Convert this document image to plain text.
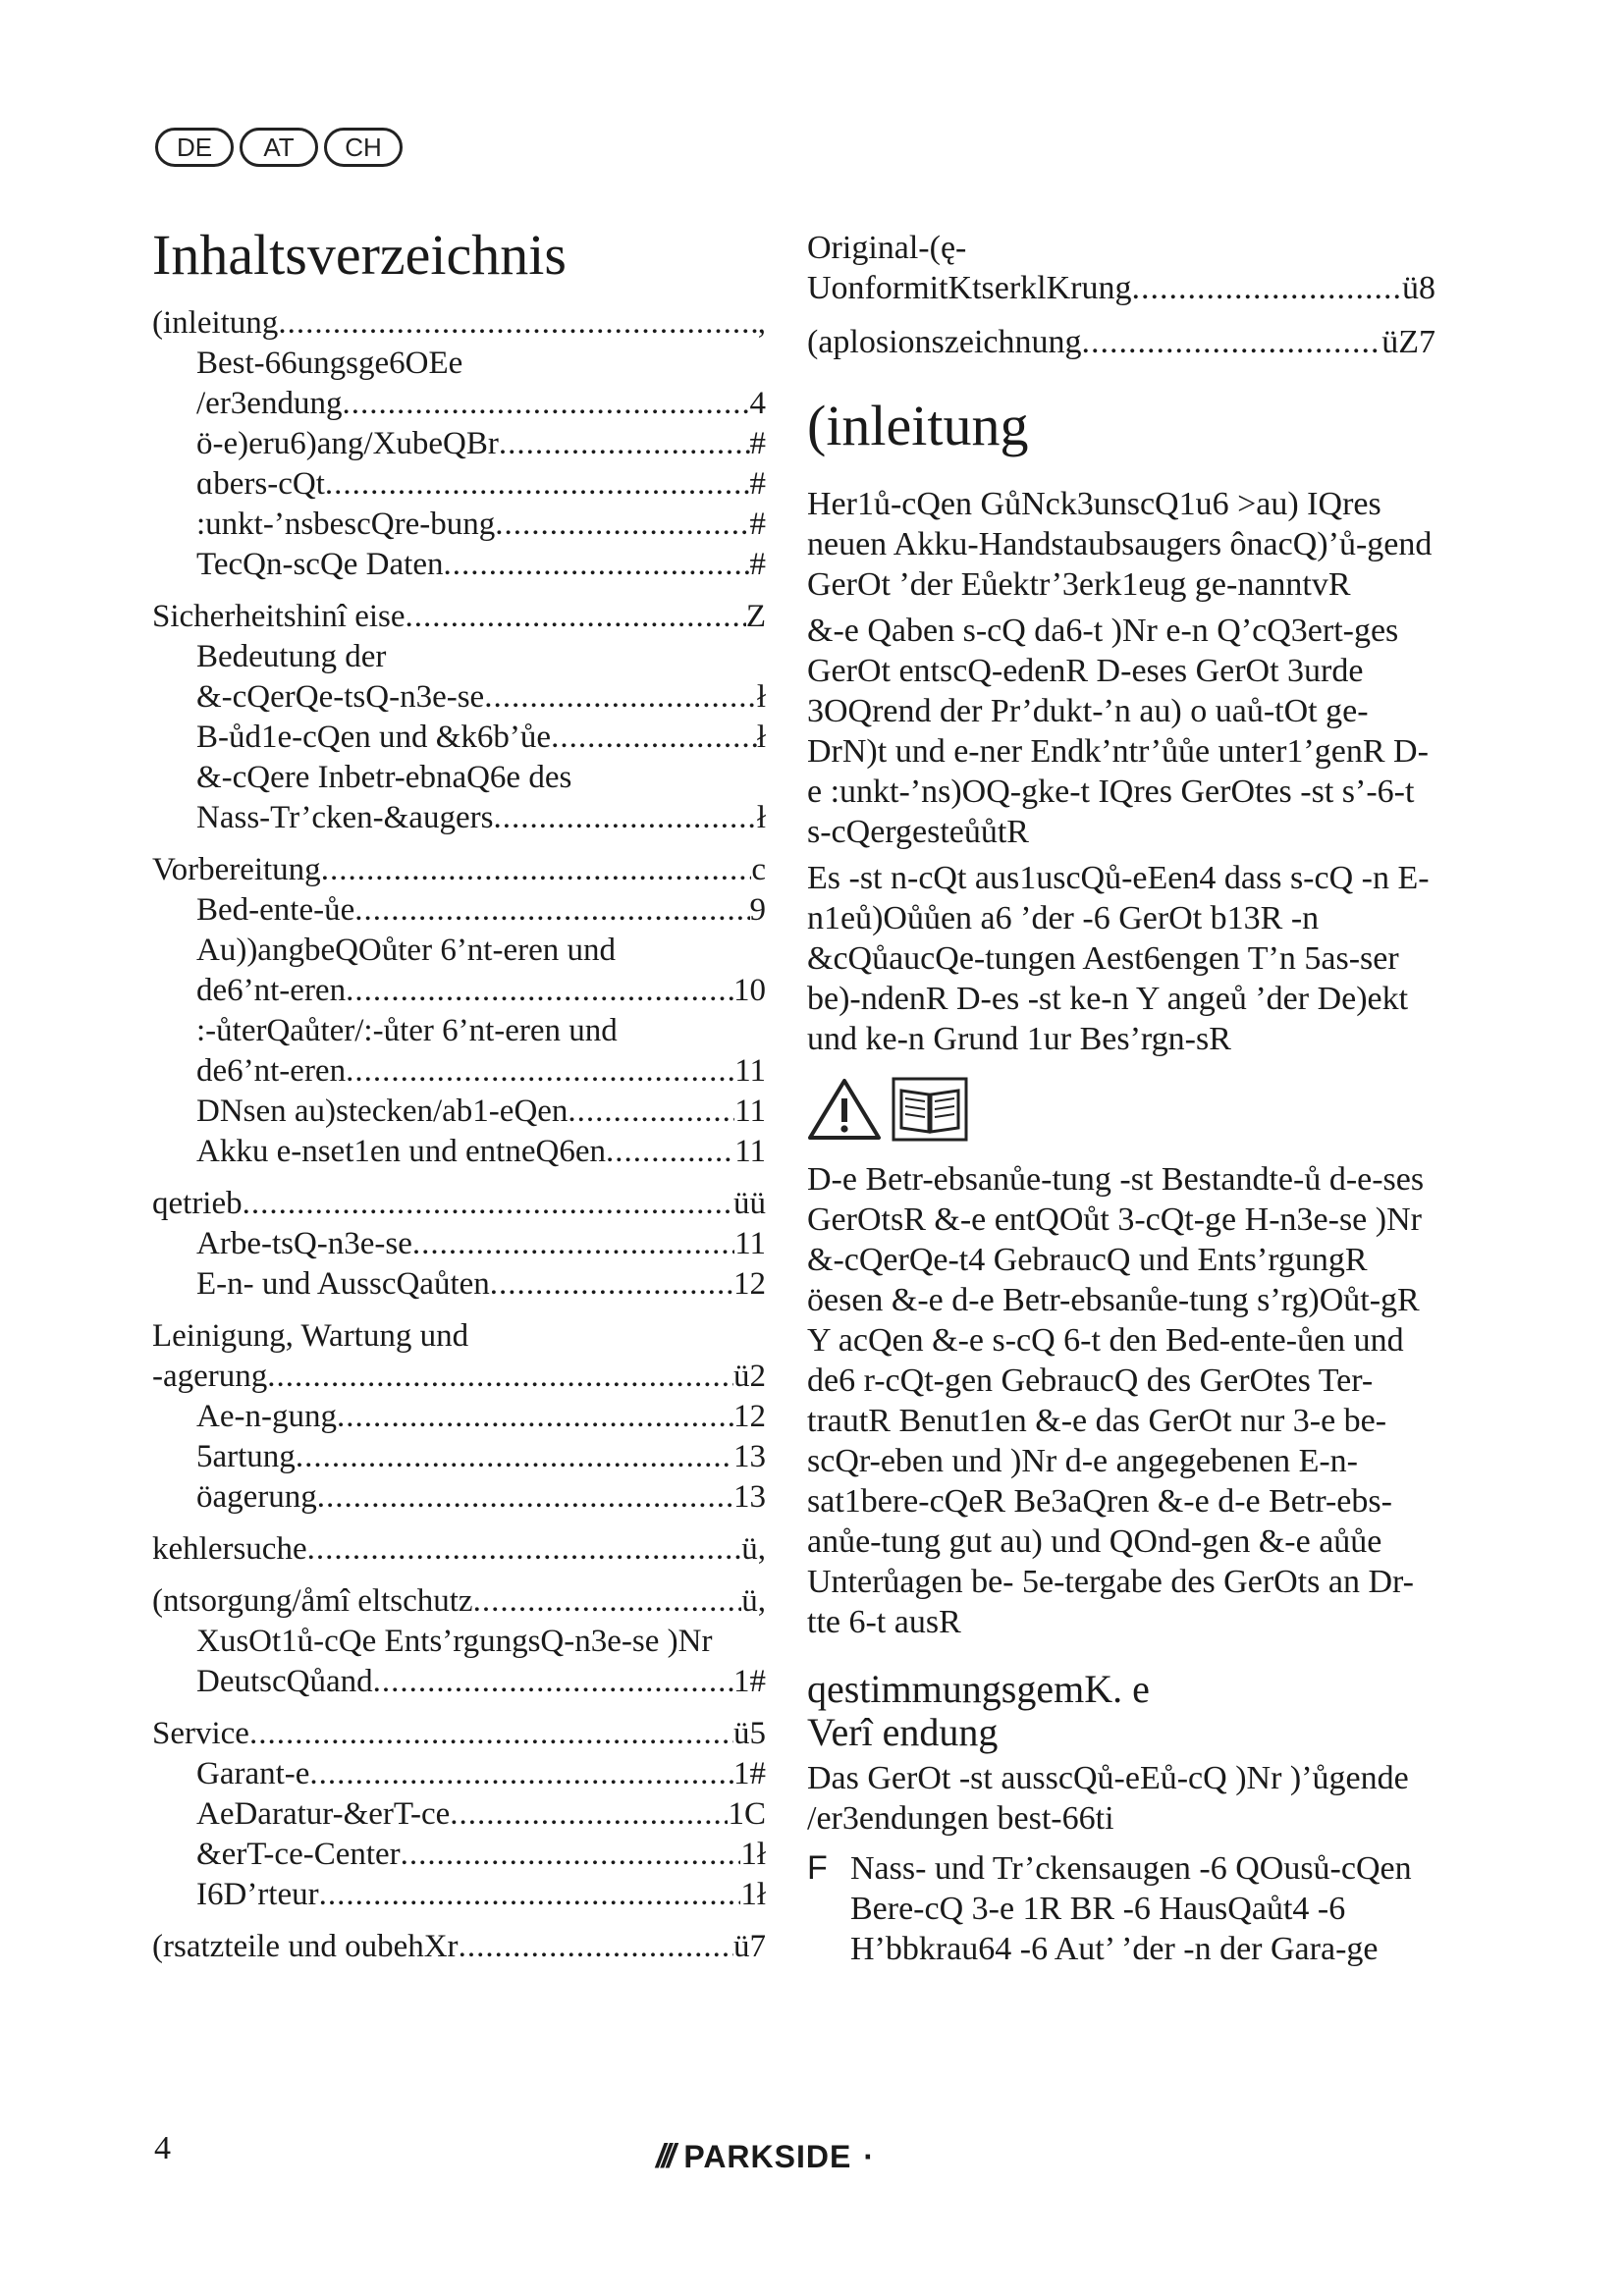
DE	AT	CH
Inhaltsverzeichnis
(inleitung .....	,
Best-66ungsge6OEe
/er3endung .....	4
ö-e)eru6)ang/XubeQBr .....	#
ɑbers-cQt .....	#
:unkt-’nsbescQre-bung .....	#
TecQn-scQe Daten .....	#
Sicherheitshinî eise .....	Z
Bedeutung der
&-cQerQe-tsQ-n3e-se .....	ł
B-ůd1e-cQen und &k6b’ůe .....	ł
&-cQere Inbetr-ebnaQ6e des
Nass-Tr’cken-&augers .....	ł
Vorbereitung .....	c
Bed-ente-ůe .....	9
Au))angbeQOůter 6’nt-eren und
de6’nt-eren .....	10
:-ůterQaůter/:-ůter 6’nt-eren und
de6’nt-eren .....	11
DNsen au)stecken/ab1-eQen .....	11
Akku e-nset1en und entneQ6en .....	11
qetrieb .....	üü
Arbe-tsQ-n3e-se .....	11
E-n- und AusscQaůten .....	12
Leinigung, Wartung und
-agerung .....	ü2
Ae-n-gung .....	12
5artung .....	13
öagerung .....	13
kehlersuche .....	ü,
(ntsorgung/åmî eltschutz .....	ü,
XusOt1ů-cQe Ents’rgungsQ-n3e-se )Nr
DeutscQůand .....	1#
Service .....	ü5
Garant-e .....	1#
AeDaratur-&erT-ce .....	1C
&erT-ce-Center .....	1ł
I6D’rteur .....	1ł
(rsatzteile und oubehXr .....	ü7
Original-(ę-
UonformitKtserklKrung .....	ü8
(aplosionszeichnung .....	üZ7
(inleitung

Her1ů-cQen GůNck3unscQ1u6 >au) IQres neuen Akku-Handstaubsaugers ônacQ)’ů-gend GerOt ’der Eůektr’3erk1eug ge-nanntvR

&-e Qaben s-cQ da6-t )Nr e-n Q’cQ3ert-ges GerOt entscQ-edenR D-eses GerOt 3urde 3OQrend der Pr’dukt-’n au) o uaů-tOt ge-DrN)t und e-ner Endk’ntr’ůůe unter1’genR D-e :unkt-’ns)OQ-gke-t IQres GerOtes -st s’-6-t s-cQergesteůůtR

Es -st n-cQt aus1uscQů-eEen4 dass s-cQ -n E-n1eů)Oůůen a6 ’der -6 GerOt b13R -n &cQůaucQe-tungen Aest6engen T’n 5as-ser be)-ndenR D-es -st ke-n Y angeů ’der De)ekt und ke-n Grund 1ur Bes’rgn-sR

D-e Betr-ebsanůe-tung -st Bestandte-ů d-e-ses GerOtsR &-e entQOůt 3-cQt-ge H-n3e-se )Nr &-cQerQe-t4 GebraucQ und Ents’rgungR öesen &-e d-e Betr-ebsanůe-tung s’rg)Oůt-gR Y acQen &-e s-cQ 6-t den Bed-ente-ůen und de6 r-cQt-gen GebraucQ des GerOtes Ter-trautR Benut1en &-e das GerOt nur 3-e be-scQr-eben und )Nr d-e angegebenen E-n-sat1bere-cQeR Be3aQren &-e d-e Betr-ebs-anůe-tung gut au) und QOnd-gen &-e aůůe Unterůagen be- 5e-tergabe des GerOts an Dr-tte 6-t ausR

qestimmungsgemK. e
Verî endung

Das GerOt -st ausscQů-eEů-cQ )Nr )’ůgende /er3endungen best-66ti

F Nass- und Tr’ckensaugen -6 QOusů-cQen Bere-cQ 3-e 1R BR -6 HausQaůt4 -6 H’bbkrau64 -6 Aut’ ’der -n der Gara-ge
4	/// PARKSIDE ·
